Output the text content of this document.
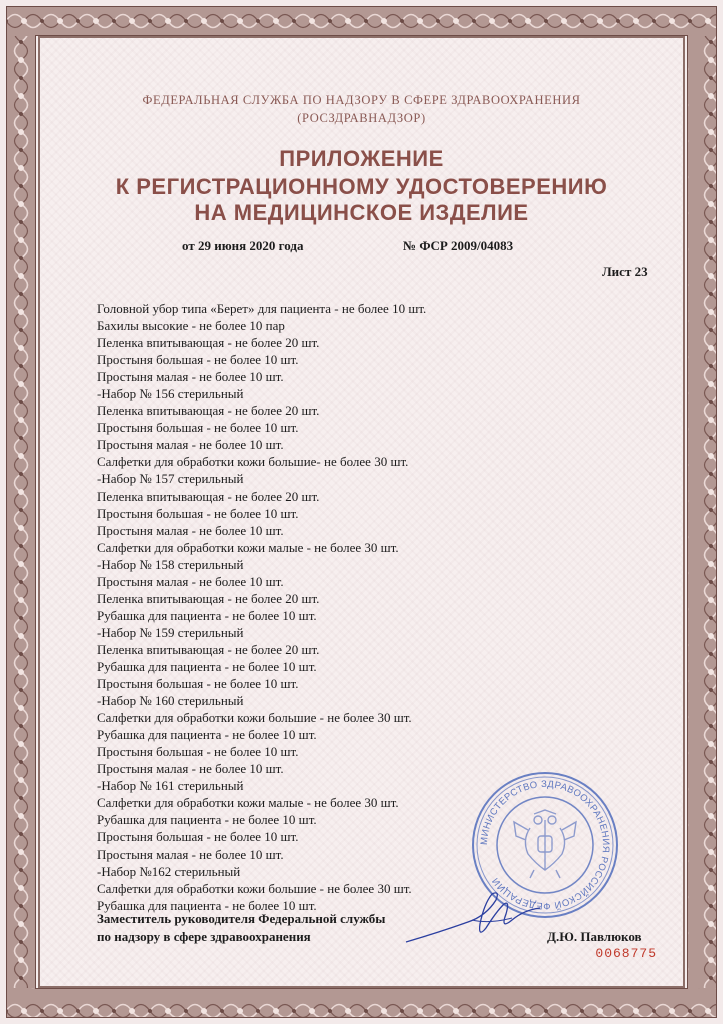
ФЕДЕРАЛЬНАЯ СЛУЖБА ПО НАДЗОРУ В СФЕРЕ ЗДРАВООХРАНЕНИЯ
(РОСЗДРАВНАДЗОР)
ПРИЛОЖЕНИЕ
К РЕГИСТРАЦИОННОМУ УДОСТОВЕРЕНИЮ
НА МЕДИЦИНСКОЕ ИЗДЕЛИЕ
от 29 июня 2020 года	№ ФСР 2009/04083
Лист 23
Головной убор типа «Берет» для пациента - не более 10 шт.
Бахилы высокие - не более 10 пар
Пеленка впитывающая - не более 20 шт.
Простыня большая - не более 10 шт.
Простыня малая - не более 10 шт.
-Набор № 156 стерильный
Пеленка впитывающая - не более 20 шт.
Простыня большая - не более 10 шт.
Простыня малая - не более 10 шт.
Салфетки для обработки кожи большие- не более 30 шт.
-Набор № 157 стерильный
Пеленка впитывающая - не более 20 шт.
Простыня большая - не более 10 шт.
Простыня малая - не более 10 шт.
Салфетки для обработки кожи малые - не более 30 шт.
-Набор № 158 стерильный
Простыня малая - не более 10 шт.
Пеленка впитывающая - не более 20 шт.
Рубашка для пациента - не более 10 шт.
-Набор № 159 стерильный
Пеленка впитывающая - не более 20 шт.
Рубашка для пациента - не более 10 шт.
Простыня большая - не более 10 шт.
-Набор № 160 стерильный
Салфетки для обработки кожи большие - не более 30 шт.
Рубашка для пациента - не более 10 шт.
Простыня большая - не более 10 шт.
Простыня малая - не более 10 шт.
-Набор № 161 стерильный
Салфетки для обработки кожи малые - не более 30 шт.
Рубашка для пациента - не более 10 шт.
Простыня большая - не более 10 шт.
Простыня малая - не более 10 шт.
-Набор №162 стерильный
Салфетки для обработки кожи большие - не более 30 шт.
Рубашка для пациента - не более 10 шт.
МИНИСТЕРСТВО ЗДРАВООХРАНЕНИЯ РОССИЙСКОЙ ФЕДЕРАЦИИ
Заместитель руководителя Федеральной службы
по надзору в сфере здравоохранения	Д.Ю. Павлюков
0068775
